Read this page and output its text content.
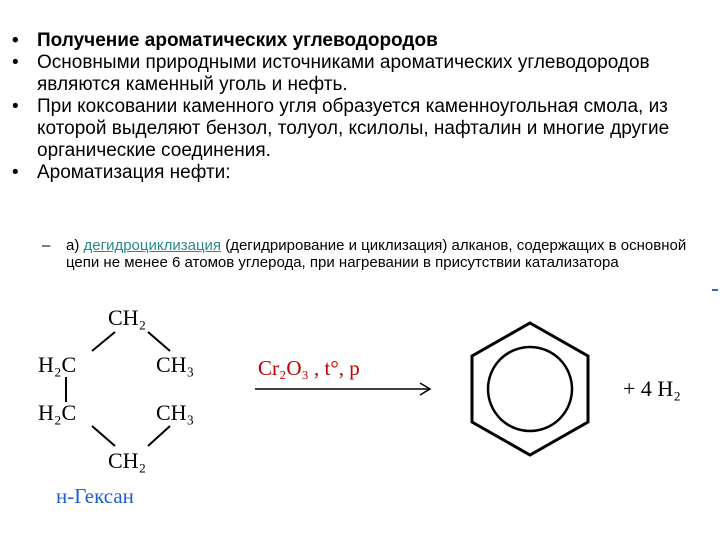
• Получение ароматических углеводородов
• Основными природными источниками ароматических углеводородов являются каменный уголь и нефть.
• При коксовании каменного угля образуется каменноугольная смола, из которой выделяют бензол, толуол, ксилолы, нафталин и многие другие органические соединения.
• Ароматизация нефти:
–	а) дегидроциклизация (дегидрирование и циклизация) алканов, содержащих в основной цепи не менее 6 атомов углерода, при нагревании в присутствии катализатора
CH₂
H₂C	CH₃
H₂C	CH₃
CH₂
н-Гексан
Cr₂O₃ , t°, p
+ 4 H₂
